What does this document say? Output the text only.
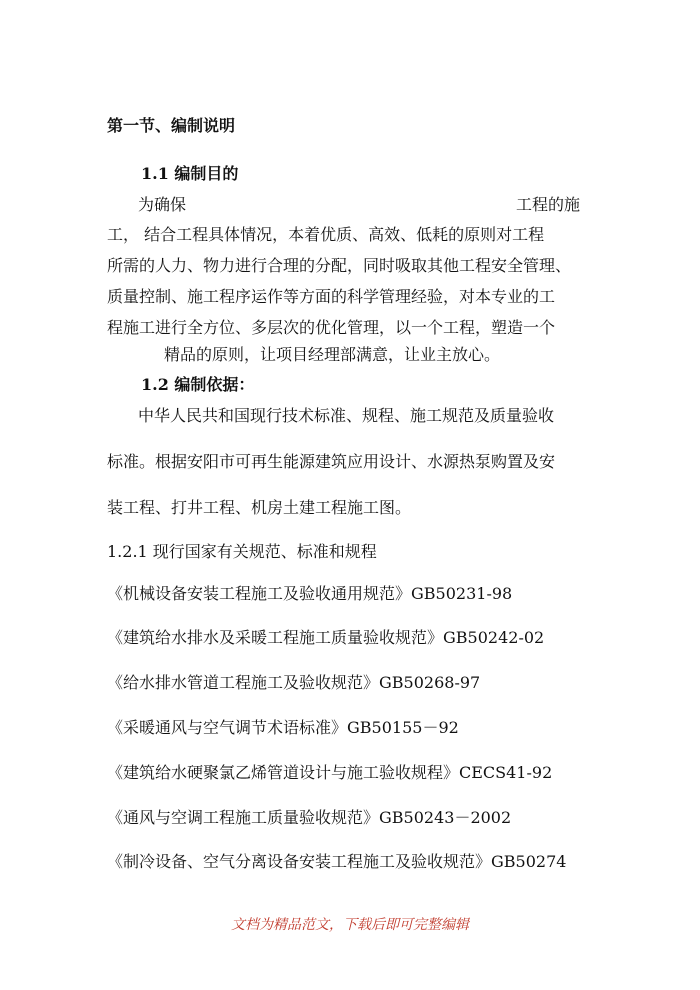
第一节、编制说明
1.1 编制目的
为确保	工程的施
工， 结合工程具体情况，本着优质、高效、低耗的原则对工程
所需的人力、物力进行合理的分配，同时吸取其他工程安全管理、
质量控制、施工程序运作等方面的科学管理经验，对本专业的工
程施工进行全方位、多层次的优化管理，以一个工程，塑造一个
精品的原则，让项目经理部满意，让业主放心。
1.2 编制依据：
中华人民共和国现行技术标准、规程、施工规范及质量验收
标准。根据安阳市可再生能源建筑应用设计、水源热泵购置及安
装工程、打井工程、机房土建工程施工图。
1.2.1 现行国家有关规范、标准和规程
《机械设备安装工程施工及验收通用规范》GB50231-98
《建筑给水排水及采暖工程施工质量验收规范》GB50242-02
《给水排水管道工程施工及验收规范》GB50268-97
《采暖通风与空气调节术语标准》GB50155－92
《建筑给水硬聚氯乙烯管道设计与施工验收规程》CECS41-92
《通风与空调工程施工质量验收规范》GB50243－2002
《制冷设备、空气分离设备安装工程施工及验收规范》GB50274
文档为精品范文，下载后即可完整编辑
